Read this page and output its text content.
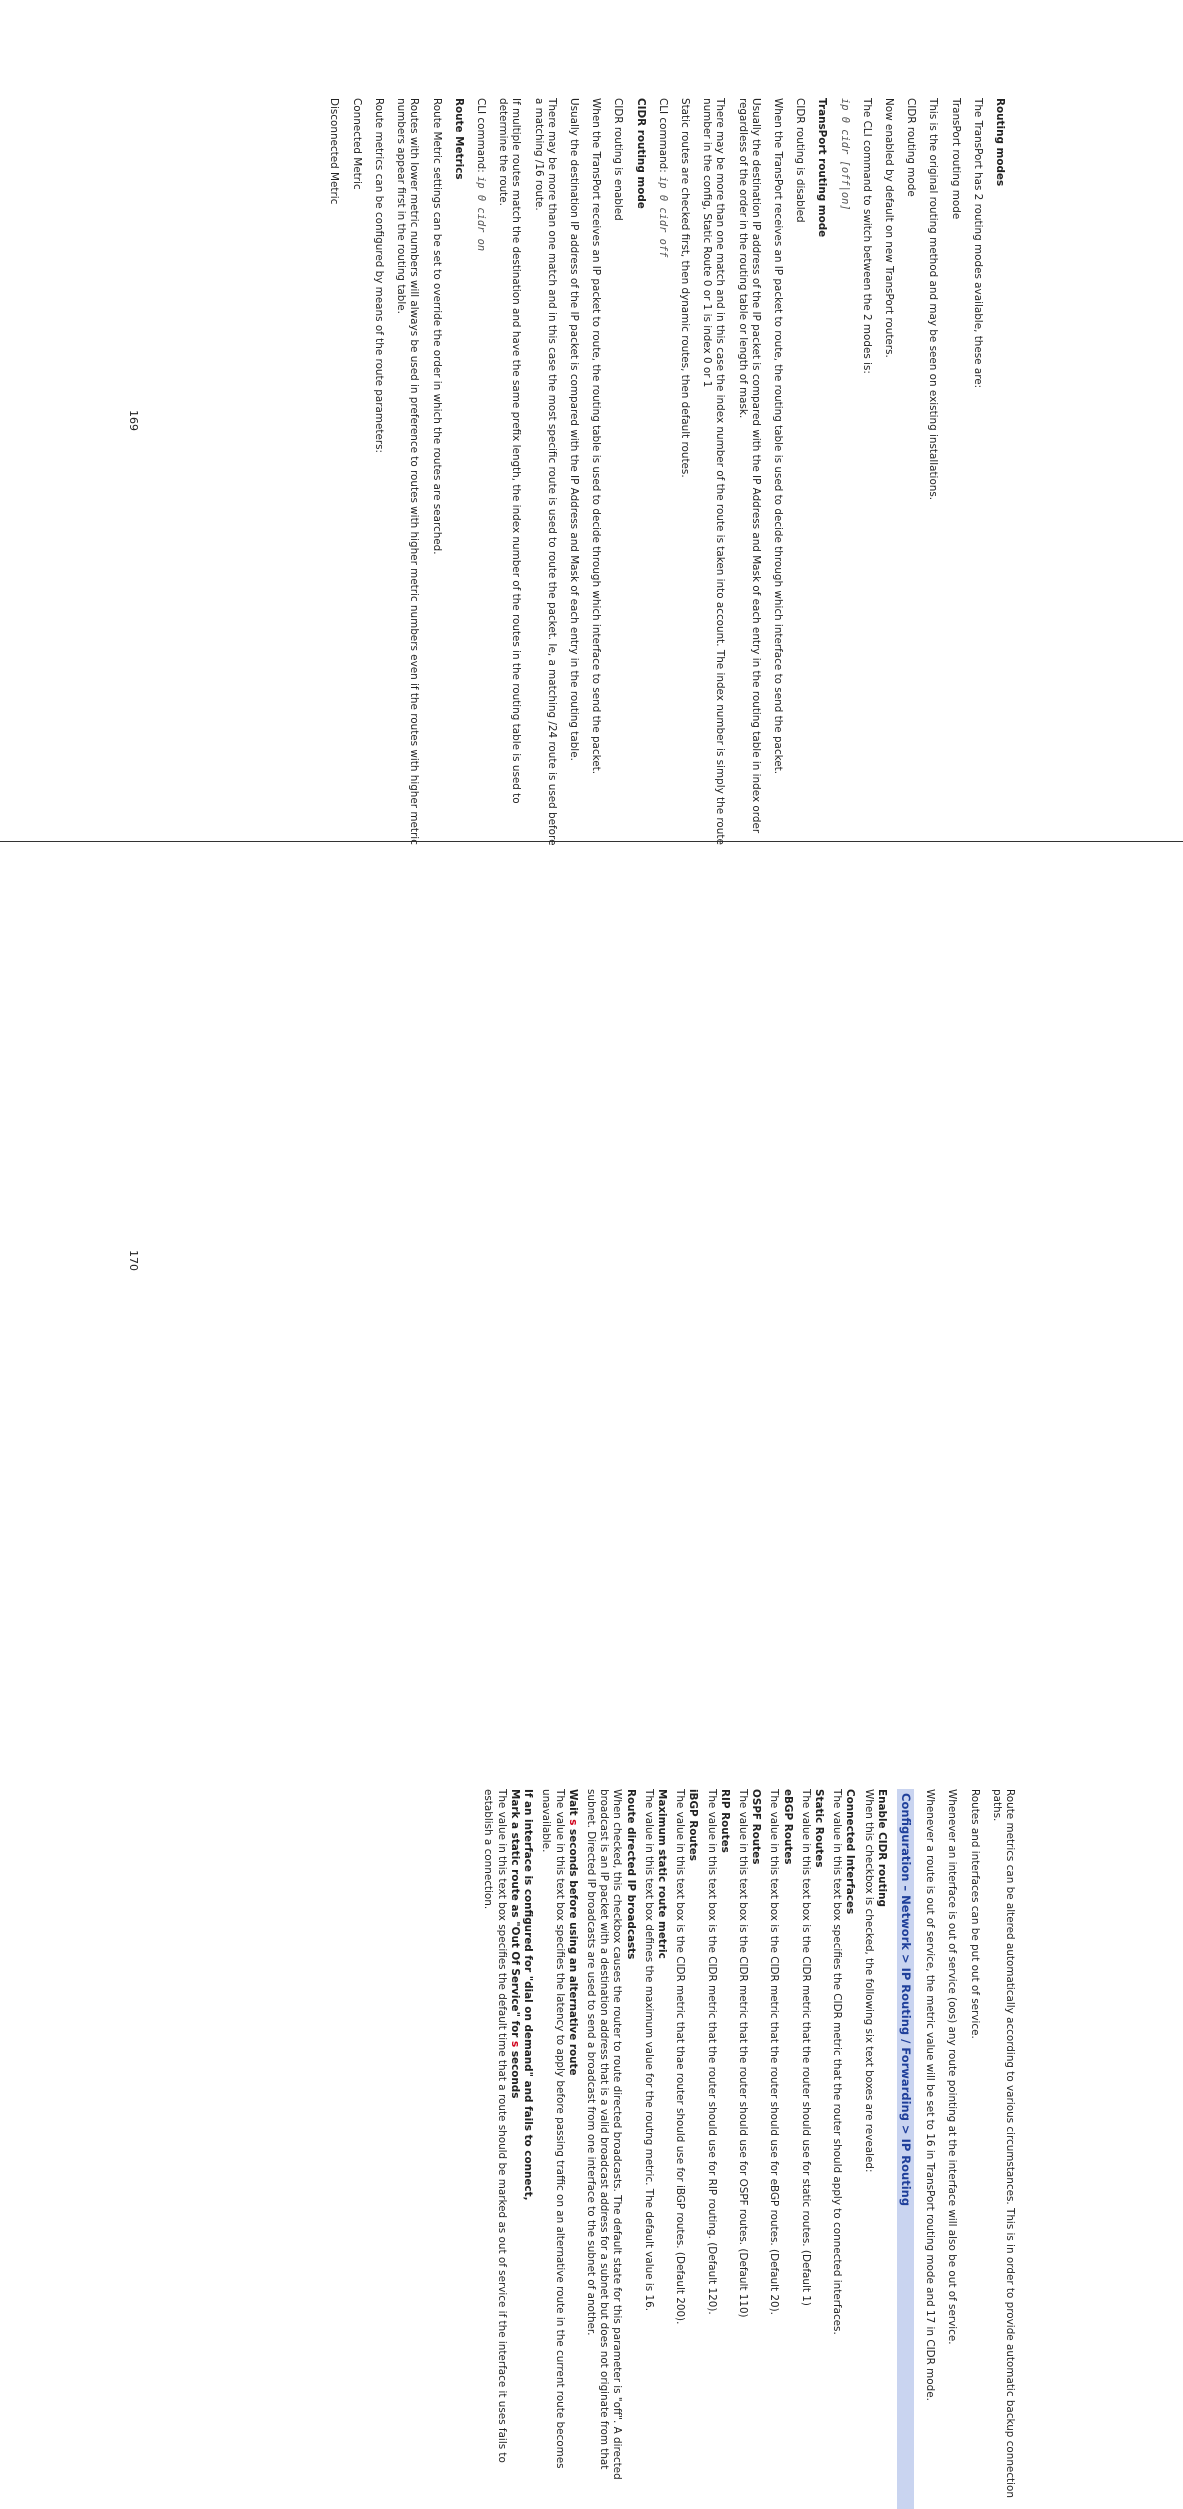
Routing modes

The TransPort has 2 routing modes available, these are:

TransPort routing mode

This is the original routing method and may be seen on existing installations.

CIDR routing mode

Now enabled by default on new TransPort routers.

The CLI command to switch between the 2 modes is:

ip 0 cidr [off|on]

TransPort routing mode

CIDR routing is disabled

When the TransPort receives an IP packet to route, the routing table is used to decide through which interface to send the packet.

Usually the destination IP address of the IP packet is compared with the IP Address and Mask of each entry in the routing table in index order regardless of the order in the routing table or length of mask.

There may be more than one match and in this case the index number of the route is taken into account. The index number is simply the route number in the config, Static Route 0 or 1 is index 0 or 1

Static routes are checked first, then dynamic routes, then default routes.

CLI command: ip 0 cidr off

CIDR routing mode

CIDR routing is enabled

When the TransPort receives an IP packet to route, the routing table is used to decide through which interface to send the packet.

Usually the destination IP address of the IP packet is compared with the IP Address and Mask of each entry in the routing table.

There may be more than one match and in this case the most specific route is used to route the packet. Ie, a matching /24 route is used before a matching /16 route.

If multiple routes match the destination and have the same prefix length, the index number of the routes in the routing table is used to determine the route.

CLI command: ip 0 cidr on

Route Metrics

Route Metric settings can be set to override the order in which the routes are searched.

Routes with lower metric numbers will always be used in preference to routes with higher metric numbers even if the routes with higher metric numbers appear first in the routing table.

Route metrics can be configured by means of the route parameters:

Connected Metric

Disconnected Metric

169

Route metrics can be altered automatically according to various circumstances. This is in order to provide automatic backup connection paths.

Routes and interfaces can be put out of service.

Whenever an interface is out of service (oos) any route pointing at the interface will also be out of service.

Whenever a route is out of service, the metric value will be set to 16 in TransPort routing mode and 17 in CIDR mode.

Configuration – Network > IP Routing / Forwarding > IP Routing
Enable CIDR routing
When this checkbox is checked, the following six text boxes are revealed:
Connected Interfaces
The value in this text box specifies the CIDR metric that the router should apply to connected interfaces.
Static Routes
The value in this text box is the CIDR metric that the router should use for static routes. (Default 1)
eBGP Routes
The value in this text box is the CIDR metric that the router should use for eBGP routes. (Default 20).
OSPF Routes
The value in this text box is the CIDR metric that the router should use for OSPF routes. (Default 110)
RIP Routes
The value in this text box is the CIDR metric that the router should use for RIP routing. (Default 120).
iBGP Routes
The value in this text box is the CIDR metric that thae router should use for iBGP routes. (Default 200).
Maximum static route metric
The value in this text box defines the maximum value for the routng metric. The default value is 16.
Route directed IP broadcasts
When checked, this checkbox causes the router to route directed broadcasts. The default state for this parameter is "off". A directed broadcast is an IP packet with a destination address that is a valid broadcast address for a subnet but does not originate from that subnet. Directed IP broadcasts are used to send a broadcast from one interface to the subnet of another.
Wait s seconds before using an alternative route
The value in this text box specifies the latency to apply before passing traffic on an alternative route in the current route becomes unavailable.
If an interface is configured for "dial on demand" and fails to connect,
Mark a static route as "Out Of Service" for s seconds
The value in this text box specifies the default time that a route should be marked as out of service if the interface it uses fails to establish a connection.
170
